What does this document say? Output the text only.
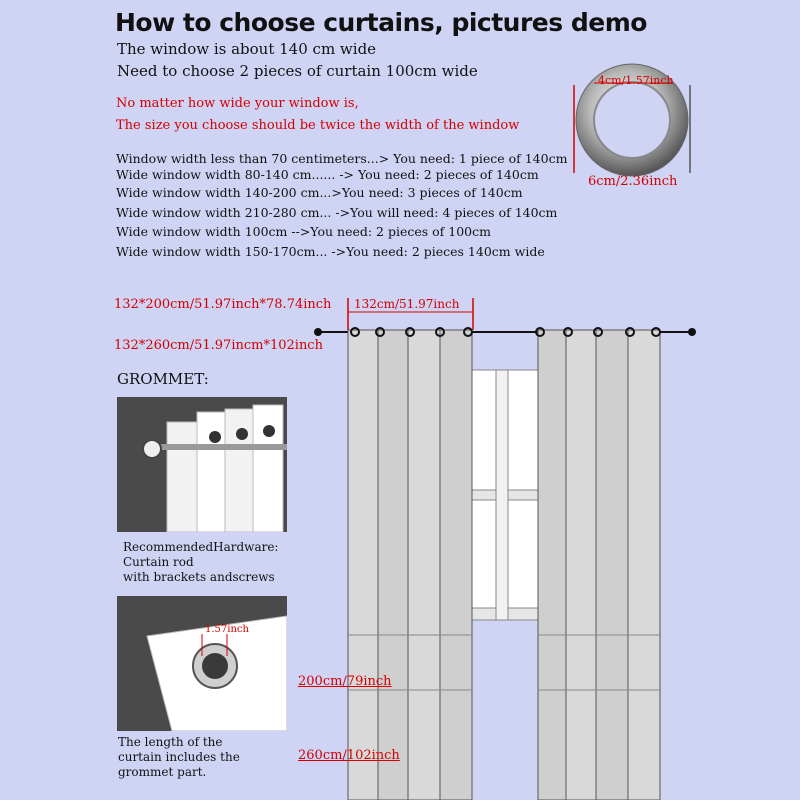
How to choose curtains, pictures demo
The window is about 140 cm wide
Need to choose 2 pieces of curtain 100cm wide
No matter how wide your window is,
The size you choose should be twice the width of the window
Window width less than 70 centimeters...> You need: 1 piece of 140cm
Wide window width 80-140 cm...... -> You need: 2 pieces of 140cm
Wide window width 140-200 cm...>You need: 3 pieces of 140cm
Wide window width 210-280 cm... ->You will need: 4 pieces of 140cm
Wide window width 100cm -->You need: 2 pieces of 100cm
Wide window width 150-170cm... ->You need: 2 pieces 140cm wide
4cm/1.57inch
6cm/2.36inch
132*200cm/51.97inch*78.74inch
132*260cm/51.97incm*102inch
132cm/51.97inch
200cm/79inch
260cm/102inch
GROMMET:
RecommendedHardware:
Curtain rod
with brackets andscrews
1.57inch
The length of the
curtain includes the
grommet part.
